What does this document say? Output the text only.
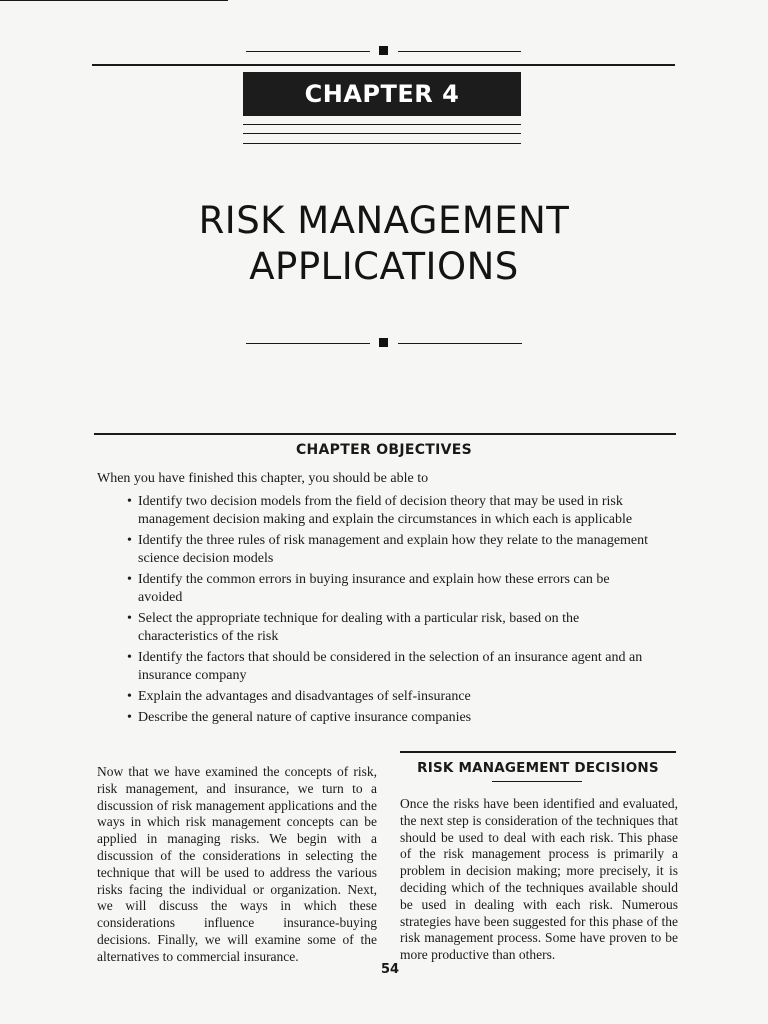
CHAPTER 4
RISK MANAGEMENT
APPLICATIONS
CHAPTER OBJECTIVES
When you have finished this chapter, you should be able to
• Identify two decision models from the field of decision theory that may be used in risk management decision making and explain the circumstances in which each is applicable
• Identify the three rules of risk management and explain how they relate to the management science decision models
• Identify the common errors in buying insurance and explain how these errors can be avoided
• Select the appropriate technique for dealing with a particular risk, based on the characteristics of the risk
• Identify the factors that should be considered in the selection of an insurance agent and an insurance company
• Explain the advantages and disadvantages of self-insurance
• Describe the general nature of captive insurance companies
Now that we have examined the concepts of risk, risk management, and insurance, we turn to a discussion of risk management applications and the ways in which risk management concepts can be applied in managing risks. We begin with a discussion of the considerations in selecting the technique that will be used to address the various risks facing the individual or organization. Next, we will discuss the ways in which these considerations influence insurance-buying decisions. Finally, we will examine some of the alternatives to commercial insurance.
RISK MANAGEMENT DECISIONS
Once the risks have been identified and evaluated, the next step is consideration of the techniques that should be used to deal with each risk. This phase of the risk management process is primarily a problem in decision making; more precisely, it is deciding which of the techniques available should be used in dealing with each risk. Numerous strategies have been suggested for this phase of the risk management process. Some have proven to be more productive than others.
54
